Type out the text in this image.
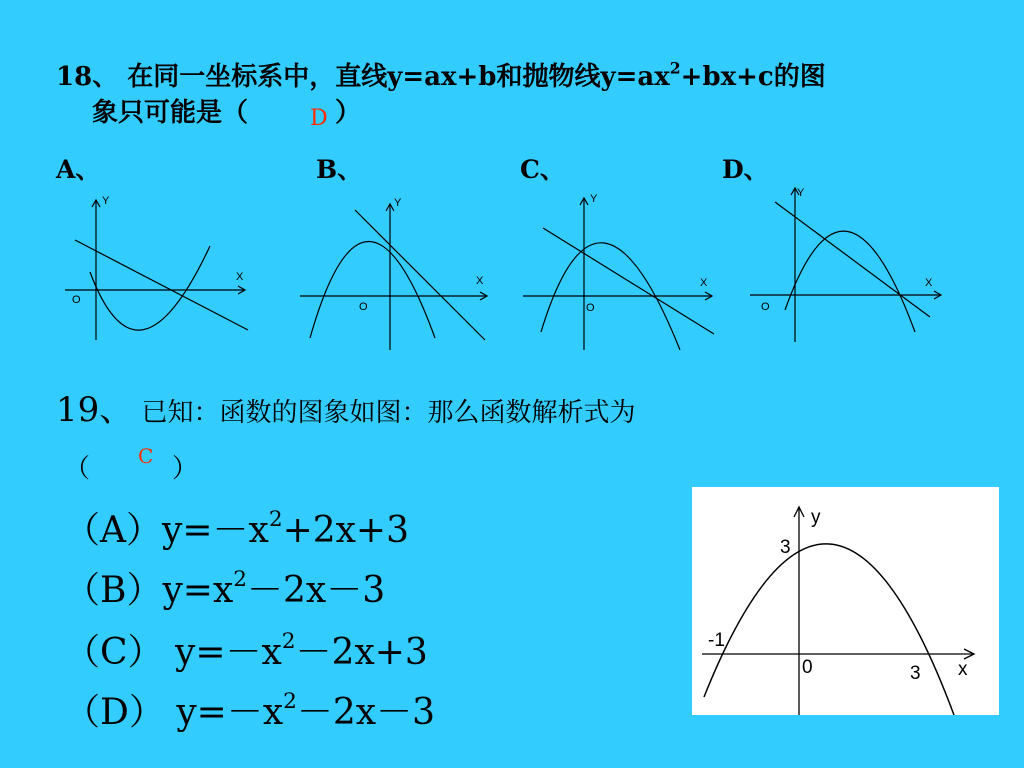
18、 在同一坐标系中，直线y=ax+b和抛物线$y=ax^2+bx+c$的图
象只可能是（	D ）
A、	B、	C、	D、
Y
X
O
Y
X
O
Y
X
O
Y
X
O
19、 已知：函数的图象如图：那么函数解析式为
（ C ）
$(A)y=-x^2+2x+3$
$(B)y=x^2-2x-3$
（C） $y=-x^2-2x+3$
（D） $y=-x^2-2x-3$
y
x
3
-1
0	3
